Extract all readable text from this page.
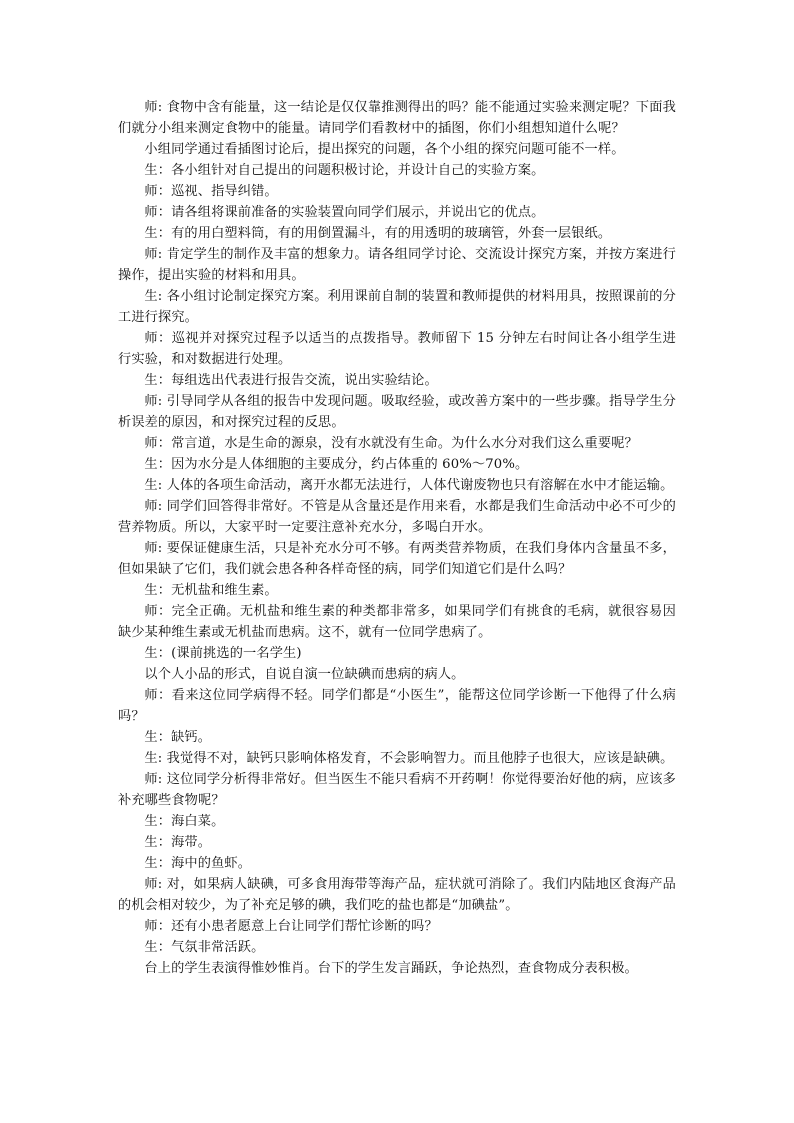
师: 食物中含有能量，这一结论是仅仅靠推测得出的吗？能不能通过实验来测定呢？下面我们就分小组来测定食物中的能量。请同学们看教材中的插图，你们小组想知道什么呢？

小组同学通过看插图讨论后，提出探究的问题，各个小组的探究问题可能不一样。

生：各小组针对自己提出的问题积极讨论，并设计自己的实验方案。

师：巡视、指导纠错。

师：请各组将课前准备的实验装置向同学们展示，并说出它的优点。

生：有的用白塑料筒，有的用倒置漏斗，有的用透明的玻璃管，外套一层银纸。

师: 肯定学生的制作及丰富的想象力。请各组同学讨论、交流设计探究方案，并按方案进行操作，提出实验的材料和用具。

生: 各小组讨论制定探究方案。利用课前自制的装置和教师提供的材料用具，按照课前的分工进行探究。

师：巡视并对探究过程予以适当的点拨指导。教师留下 15 分钟左右时间让各小组学生进行实验，和对数据进行处理。

生：每组选出代表进行报告交流，说出实验结论。

师: 引导同学从各组的报告中发现问题。吸取经验，或改善方案中的一些步骤。指导学生分析误差的原因，和对探究过程的反思。

师：常言道，水是生命的源泉，没有水就没有生命。为什么水分对我们这么重要呢？

生：因为水分是人体细胞的主要成分，约占体重的 60%～70%。

生: 人体的各项生命活动，离开水都无法进行，人体代谢废物也只有溶解在水中才能运输。

师: 同学们回答得非常好。不管是从含量还是作用来看，水都是我们生命活动中必不可少的营养物质。所以，大家平时一定要注意补充水分，多喝白开水。

师: 要保证健康生活，只是补充水分可不够。有两类营养物质，在我们身体内含量虽不多，但如果缺了它们，我们就会患各种各样奇怪的病，同学们知道它们是什么吗？

生：无机盐和维生素。

师：完全正确。无机盐和维生素的种类都非常多，如果同学们有挑食的毛病，就很容易因缺少某种维生素或无机盐而患病。这不，就有一位同学患病了。

生：(课前挑选的一名学生)

以个人小品的形式，自说自演一位缺碘而患病的病人。

师：看来这位同学病得不轻。同学们都是“小医生”，能帮这位同学诊断一下他得了什么病吗？

生：缺钙。

生: 我觉得不对，缺钙只影响体格发育，不会影响智力。而且他脖子也很大，应该是缺碘。

师: 这位同学分析得非常好。但当医生不能只看病不开药啊！你觉得要治好他的病，应该多补充哪些食物呢？

生：海白菜。

生：海带。

生：海中的鱼虾。

师: 对，如果病人缺碘，可多食用海带等海产品，症状就可消除了。我们内陆地区食海产品的机会相对较少，为了补充足够的碘，我们吃的盐也都是“加碘盐”。

师：还有小患者愿意上台让同学们帮忙诊断的吗？

生：气氛非常活跃。

台上的学生表演得惟妙惟肖。台下的学生发言踊跃，争论热烈，查食物成分表积极。
